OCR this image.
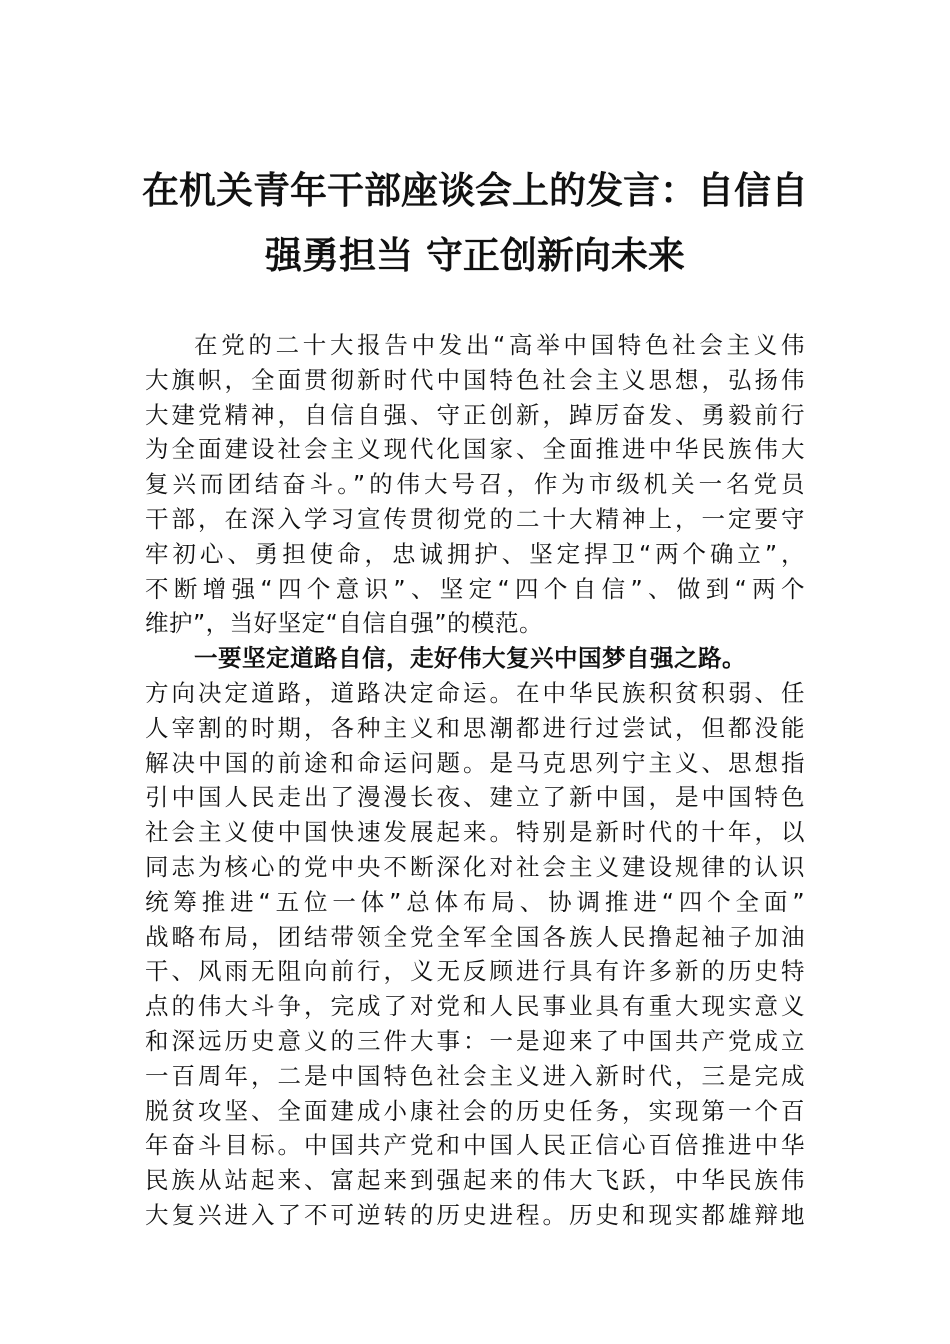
在机关青年干部座谈会上的发言：自信自
强勇担当 守正创新向未来
在党的二十大报告中发出“高举中国特色社会主义伟
大旗帜，全面贯彻新时代中国特色社会主义思想，弘扬伟
大建党精神，自信自强、守正创新，踔厉奋发、勇毅前行
为全面建设社会主义现代化国家、全面推进中华民族伟大
复兴而团结奋斗。”的伟大号召，作为市级机关一名党员
干部，在深入学习宣传贯彻党的二十大精神上，一定要守
牢初心、勇担使命，忠诚拥护、坚定捍卫“两个确立”，
不断增强“四个意识”、坚定“四个自信”、做到“两个
维护”，当好坚定“自信自强”的模范。
一要坚定道路自信，走好伟大复兴中国梦自强之路。
方向决定道路，道路决定命运。在中华民族积贫积弱、任
人宰割的时期，各种主义和思潮都进行过尝试，但都没能
解决中国的前途和命运问题。是马克思列宁主义、思想指
引中国人民走出了漫漫长夜、建立了新中国，是中国特色
社会主义使中国快速发展起来。特别是新时代的十年，以
同志为核心的党中央不断深化对社会主义建设规律的认识
统筹推进“五位一体”总体布局、协调推进“四个全面”
战略布局，团结带领全党全军全国各族人民撸起袖子加油
干、风雨无阻向前行，义无反顾进行具有许多新的历史特
点的伟大斗争，完成了对党和人民事业具有重大现实意义
和深远历史意义的三件大事：一是迎来了中国共产党成立
一百周年，二是中国特色社会主义进入新时代，三是完成
脱贫攻坚、全面建成小康社会的历史任务，实现第一个百
年奋斗目标。中国共产党和中国人民正信心百倍推进中华
民族从站起来、富起来到强起来的伟大飞跃，中华民族伟
大复兴进入了不可逆转的历史进程。历史和现实都雄辩地
